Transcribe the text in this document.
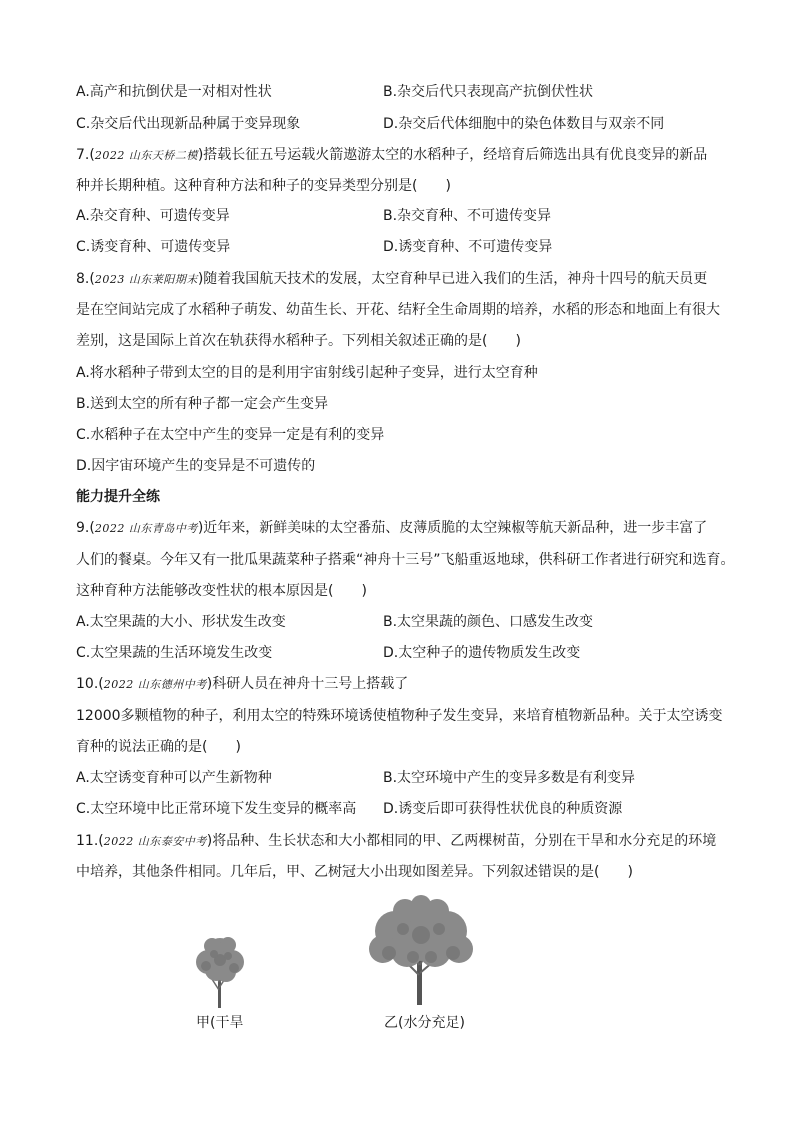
A.高产和抗倒伏是一对相对性状	B.杂交后代只表现高产抗倒伏性状
C.杂交后代出现新品种属于变异现象	D.杂交后代体细胞中的染色体数目与双亲不同
7.(2022 山东天桥二模)搭载长征五号运载火箭遨游太空的水稻种子，经培育后筛选出具有优良变异的新品
种并长期种植。这种育种方法和种子的变异类型分别是(　　)
A.杂交育种、可遗传变异	B.杂交育种、不可遗传变异
C.诱变育种、可遗传变异	D.诱变育种、不可遗传变异
8.(2023 山东莱阳期末)随着我国航天技术的发展，太空育种早已进入我们的生活，神舟十四号的航天员更
是在空间站完成了水稻种子萌发、幼苗生长、开花、结籽全生命周期的培养，水稻的形态和地面上有很大
差别，这是国际上首次在轨获得水稻种子。下列相关叙述正确的是(　　)
A.将水稻种子带到太空的目的是利用宇宙射线引起种子变异，进行太空育种
B.送到太空的所有种子都一定会产生变异
C.水稻种子在太空中产生的变异一定是有利的变异
D.因宇宙环境产生的变异是不可遗传的
能力提升全练
9.(2022 山东青岛中考)近年来，新鲜美味的太空番茄、皮薄质脆的太空辣椒等航天新品种，进一步丰富了
人们的餐桌。今年又有一批瓜果蔬菜种子搭乘“神舟十三号”飞船重返地球，供科研工作者进行研究和选育。
这种育种方法能够改变性状的根本原因是(　　)
A.太空果蔬的大小、形状发生改变	B.太空果蔬的颜色、口感发生改变
C.太空果蔬的生活环境发生改变	D.太空种子的遗传物质发生改变
10.(2022 山东德州中考)科研人员在神舟十三号上搭载了
12000多颗植物的种子，利用太空的特殊环境诱使植物种子发生变异，来培育植物新品种。关于太空诱变
育种的说法正确的是(　　)
A.太空诱变育种可以产生新物种	B.太空环境中产生的变异多数是有利变异
C.太空环境中比正常环境下发生变异的概率高 D.诱变后即可获得性状优良的种质资源
11.(2022 山东泰安中考)将品种、生长状态和大小都相同的甲、乙两棵树苗，分别在干旱和水分充足的环境
中培养，其他条件相同。几年后，甲、乙树冠大小出现如图差异。下列叙述错误的是(　　)
甲(干旱	乙(水分充足)
